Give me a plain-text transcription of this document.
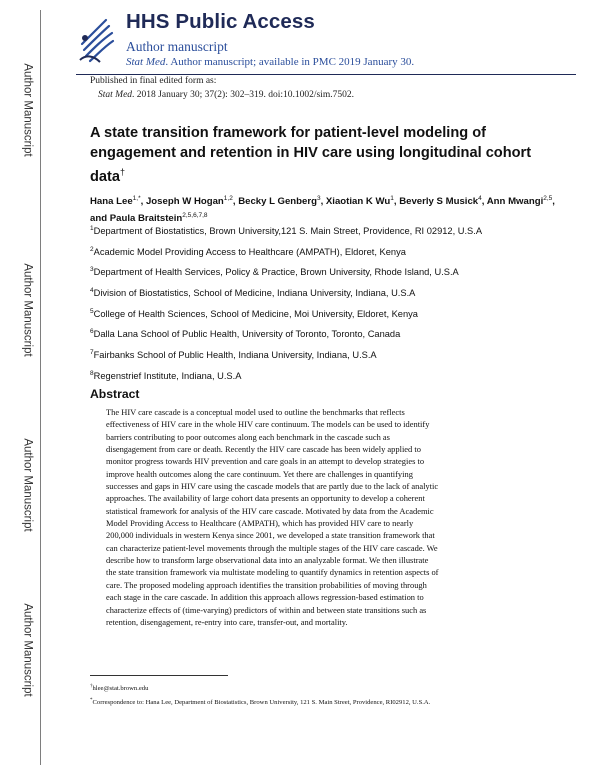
Author Manuscript
Author Manuscript
Author Manuscript
Author Manuscript
HHS Public Access
Author manuscript
Stat Med. Author manuscript; available in PMC 2019 January 30.
Published in final edited form as:
Stat Med. 2018 January 30; 37(2): 302–319. doi:10.1002/sim.7502.
A state transition framework for patient-level modeling of engagement and retention in HIV care using longitudinal cohort data†
Hana Lee$^{1,*}$, Joseph W Hogan$^{1,2}$, Becky L Genberg$^3$, Xiaotian K Wu$^1$, Beverly S Musick$^4$, Ann Mwangi$^{2,5}$, and Paula Braitstein$^{2,5,6,7,8}$
$^1$Department of Biostatistics, Brown University,121 S. Main Street, Providence, RI 02912, U.S.A
$^2$Academic Model Providing Access to Healthcare (AMPATH), Eldoret, Kenya
$^3$Department of Health Services, Policy & Practice, Brown University, Rhode Island, U.S.A
$^4$Division of Biostatistics, School of Medicine, Indiana University, Indiana, U.S.A
$^5$College of Health Sciences, School of Medicine, Moi University, Eldoret, Kenya
$^6$Dalla Lana School of Public Health, University of Toronto, Toronto, Canada
$^7$Fairbanks School of Public Health, Indiana University, Indiana, U.S.A
$^8$Regenstrief Institute, Indiana, U.S.A
Abstract
The HIV care cascade is a conceptual model used to outline the benchmarks that reflects
effectiveness of HIV care in the whole HIV care continuum. The models can be used to identify
barriers contributing to poor outcomes along each benchmark in the cascade such as
disengagement from care or death. Recently the HIV care cascade has been widely applied to
monitor progress towards HIV prevention and care goals in an attempt to develop strategies to
improve health outcomes along the care continuum. Yet there are challenges in quantifying
successes and gaps in HIV care using the cascade models that are partly due to the lack of analytic
approaches. The availability of large cohort data presents an opportunity to develop a coherent
statistical framework for analysis of the HIV care cascade. Motivated by data from the Academic
Model Providing Access to Healthcare (AMPATH), which has provided HIV care to nearly
200,000 individuals in western Kenya since 2001, we developed a state transition framework that
can characterize patient-level movements through the multiple stages of the HIV care cascade. We
describe how to transform large observational data into an analyzable format. We then illustrate
the state transition framework via multistate modeling to quantify dynamics in retention aspects of
care. The proposed modeling approach identifies the transition probabilities of moving through
each stage in the care cascade. In addition this approach allows regression-based estimation to
characterize effects of (time-varying) predictors of within and between state transitions such as
retention, disengagement, re-entry into care, transfer-out, and mortality.
†hlee@stat.brown.edu
*Correspondence to: Hana Lee, Department of Biostatistics, Brown University, 121 S. Main Street, Providence, RI02912, U.S.A.
